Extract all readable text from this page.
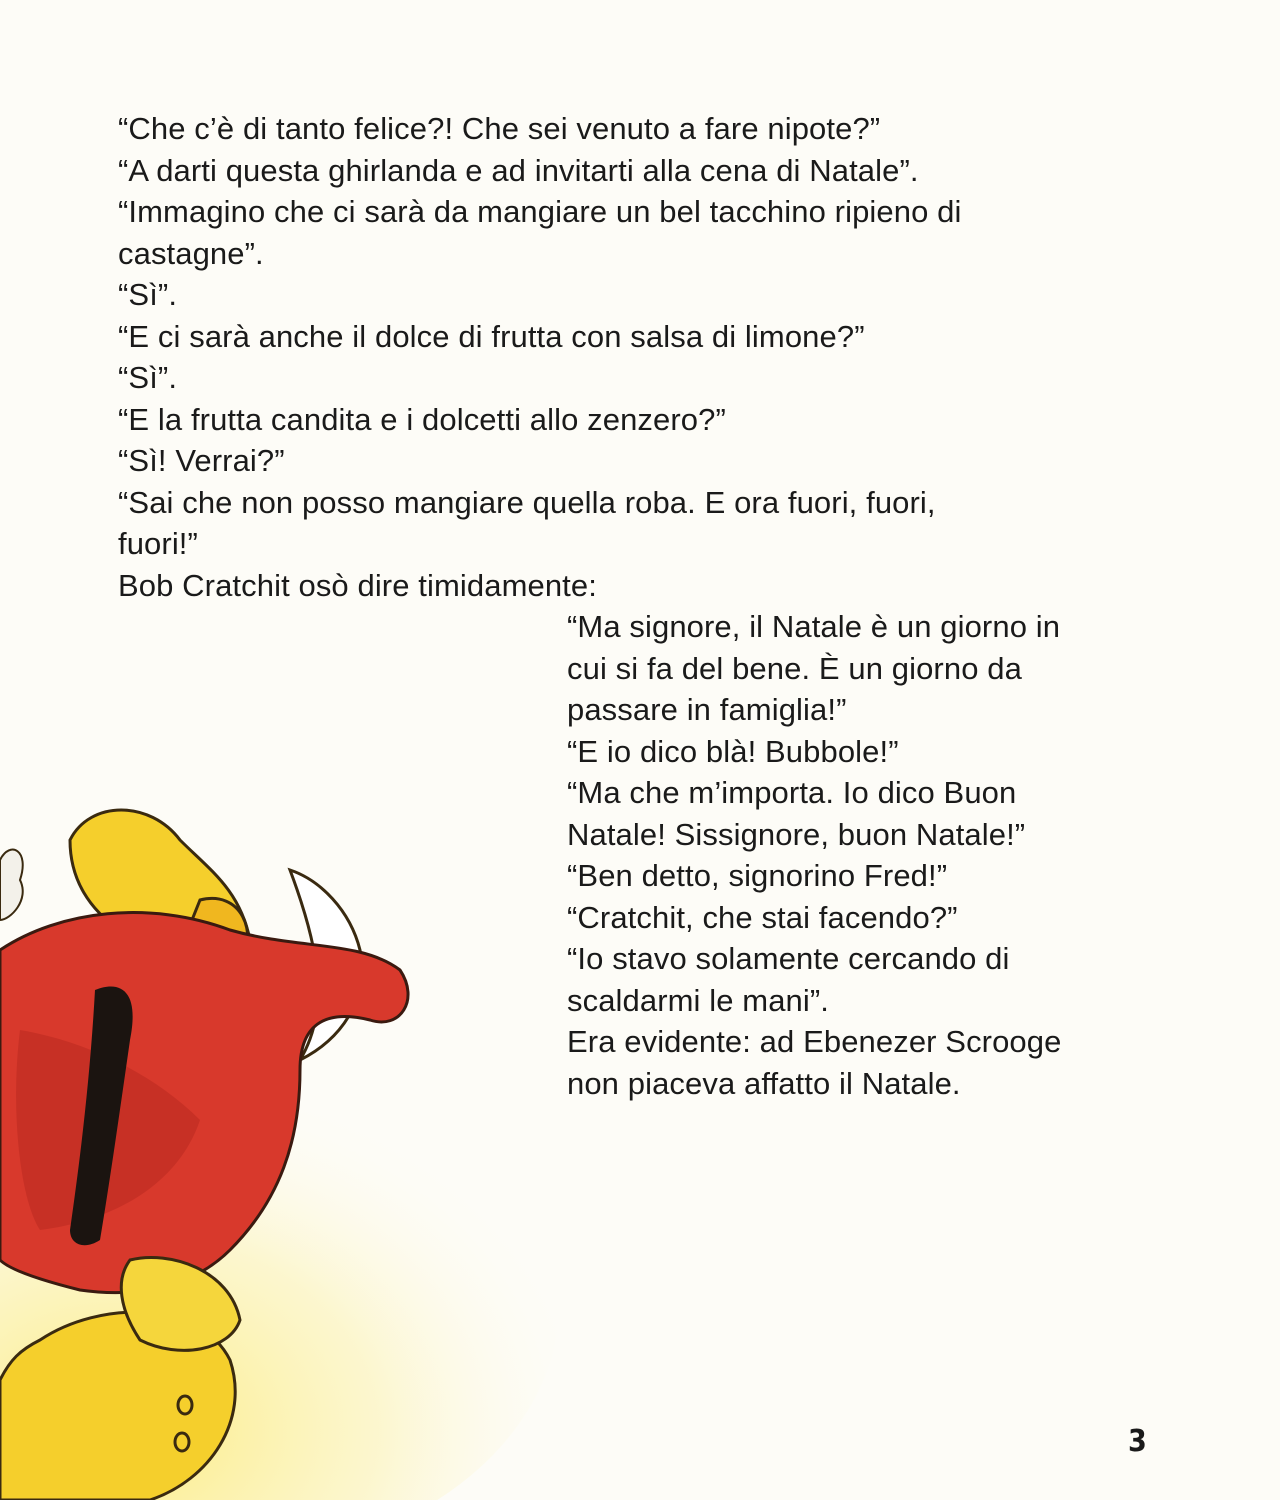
“Che c’è di tanto felice?! Che sei venuto a fare nipote?”
“A darti questa ghirlanda e ad invitarti alla cena di Natale”.
“Immagino che ci sarà da mangiare un bel tacchino ripieno di
castagne”.
“Sì”.
“E ci sarà anche il dolce di frutta con salsa di limone?”
“Sì”.
“E la frutta candita e i dolcetti allo zenzero?”
“Sì! Verrai?”
“Sai che non posso mangiare quella roba. E ora fuori, fuori,
fuori!”
Bob Cratchit osò dire timidamente:
“Ma signore, il Natale è un giorno in
cui si fa del bene. È un giorno da
passare in famiglia!”
“E io dico blà! Bubbole!”
“Ma che m’importa. Io dico Buon
Natale! Sissignore, buon Natale!”
“Ben detto, signorino Fred!”
“Cratchit, che stai facendo?”
“Io stavo solamente cercando di
scaldarmi le mani”.
Era evidente: ad Ebenezer Scrooge
non piaceva affatto il Natale.
3
